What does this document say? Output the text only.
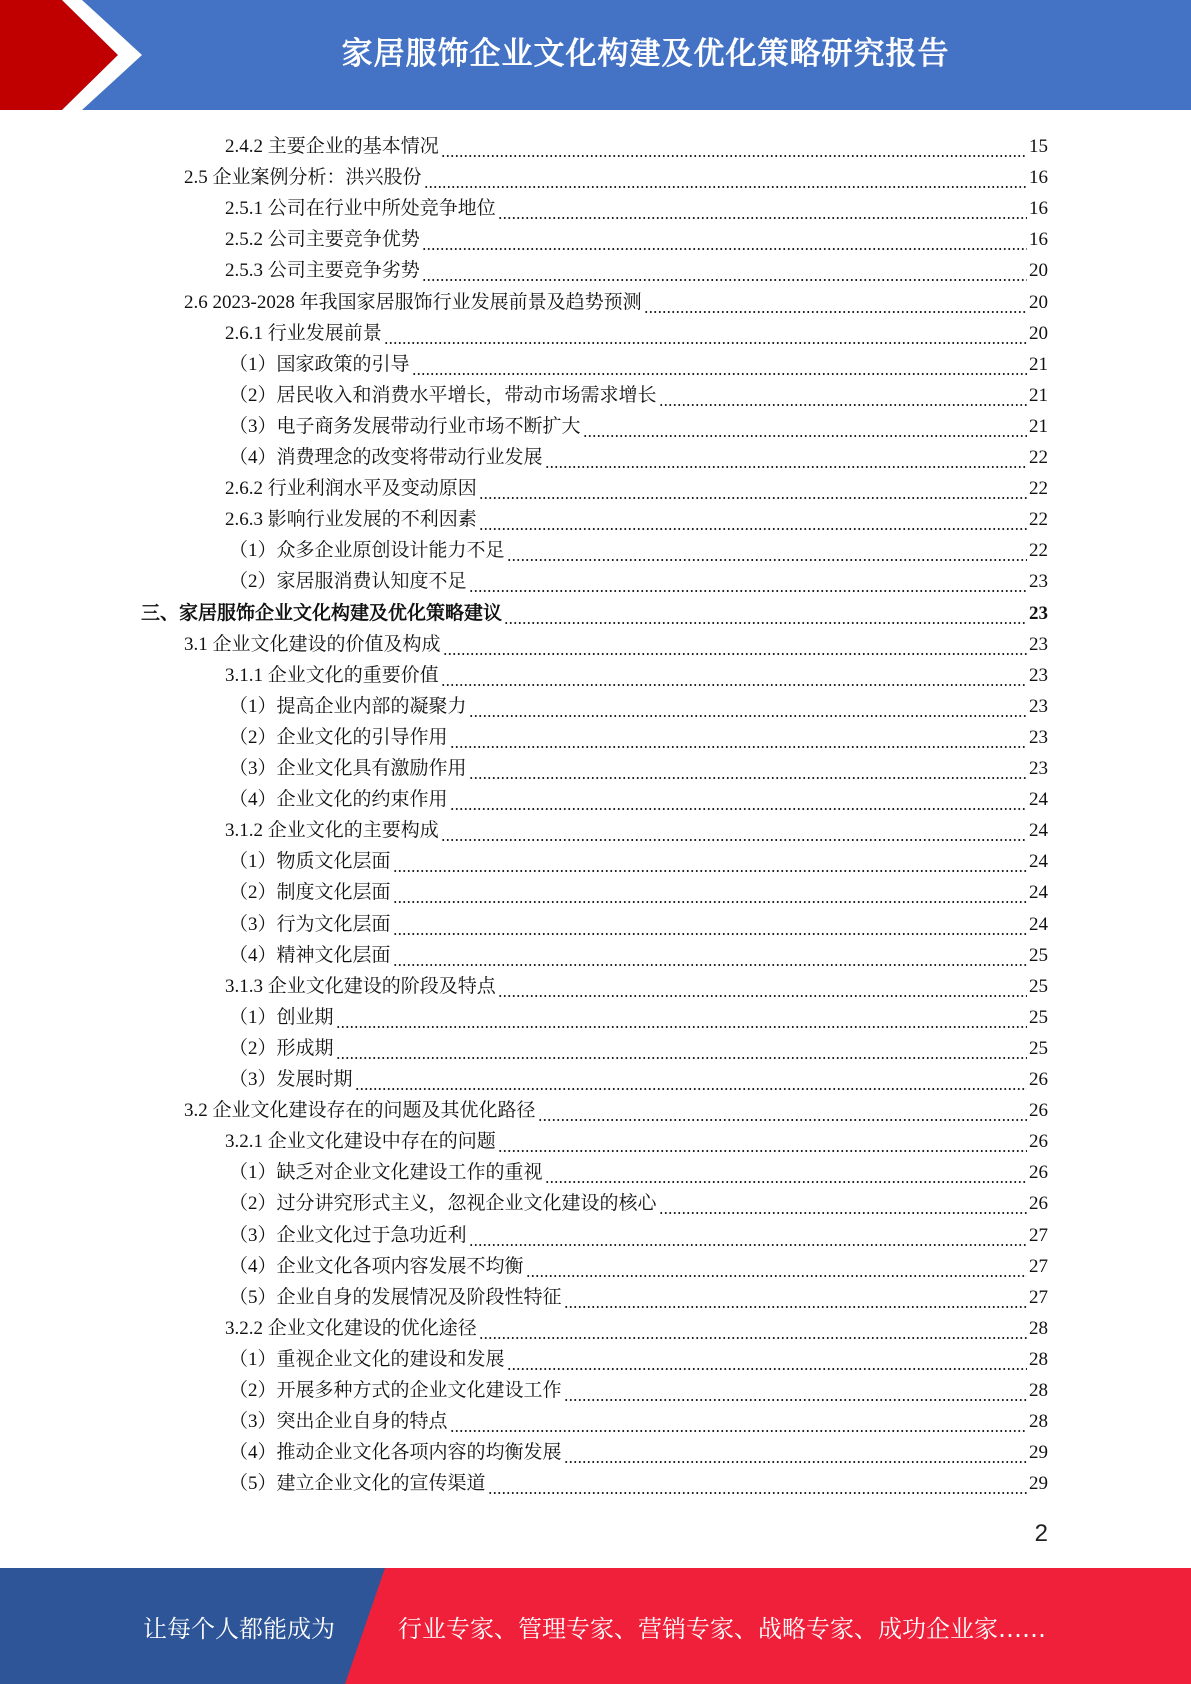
家居服饰企业文化构建及优化策略研究报告
2.4.2 主要企业的基本情况	15
2.5 企业案例分析：洪兴股份	16
2.5.1 公司在行业中所处竞争地位	16
2.5.2 公司主要竞争优势	16
2.5.3 公司主要竞争劣势	20
2.6 2023-2028 年我国家居服饰行业发展前景及趋势预测	20
2.6.1 行业发展前景	20
（1）国家政策的引导	21
（2）居民收入和消费水平增长，带动市场需求增长	21
（3）电子商务发展带动行业市场不断扩大	21
（4）消费理念的改变将带动行业发展	22
2.6.2 行业利润水平及变动原因	22
2.6.3 影响行业发展的不利因素	22
（1）众多企业原创设计能力不足	22
（2）家居服消费认知度不足	23
三、家居服饰企业文化构建及优化策略建议	23
3.1 企业文化建设的价值及构成	23
3.1.1 企业文化的重要价值	23
（1）提高企业内部的凝聚力	23
（2）企业文化的引导作用	23
（3）企业文化具有激励作用	23
（4）企业文化的约束作用	24
3.1.2 企业文化的主要构成	24
（1）物质文化层面	24
（2）制度文化层面	24
（3）行为文化层面	24
（4）精神文化层面	25
3.1.3 企业文化建设的阶段及特点	25
（1）创业期	25
（2）形成期	25
（3）发展时期	26
3.2 企业文化建设存在的问题及其优化路径	26
3.2.1 企业文化建设中存在的问题	26
（1）缺乏对企业文化建设工作的重视	26
（2）过分讲究形式主义，忽视企业文化建设的核心	26
（3）企业文化过于急功近利	27
（4）企业文化各项内容发展不均衡	27
（5）企业自身的发展情况及阶段性特征	27
3.2.2 企业文化建设的优化途径	28
（1）重视企业文化的建设和发展	28
（2）开展多种方式的企业文化建设工作	28
（3）突出企业自身的特点	28
（4）推动企业文化各项内容的均衡发展	29
（5）建立企业文化的宣传渠道	29
2
让每个人都能成为	行业专家、管理专家、营销专家、战略专家、成功企业家……
